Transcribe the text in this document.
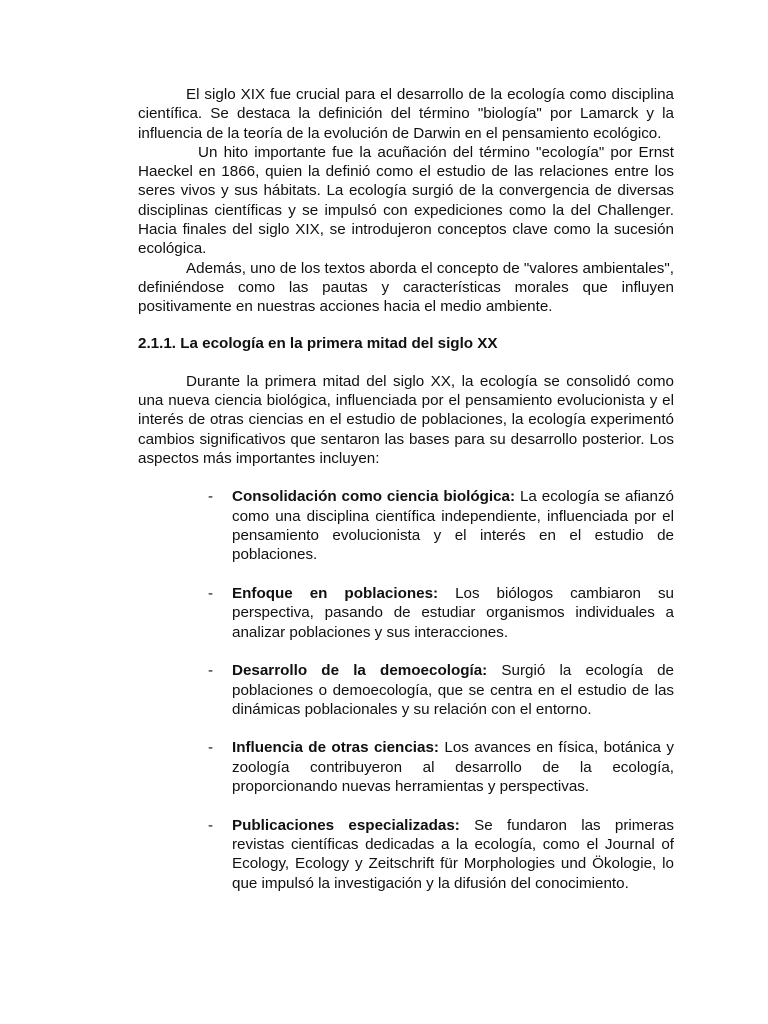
El siglo XIX fue crucial para el desarrollo de la ecología como disciplina científica. Se destaca la definición del término "biología" por Lamarck y la influencia de la teoría de la evolución de Darwin en el pensamiento ecológico.

Un hito importante fue la acuñación del término "ecología" por Ernst Haeckel en 1866, quien la definió como el estudio de las relaciones entre los seres vivos y sus hábitats. La ecología surgió de la convergencia de diversas disciplinas científicas y se impulsó con expediciones como la del Challenger. Hacia finales del siglo XIX, se introdujeron conceptos clave como la sucesión ecológica.

Además, uno de los textos aborda el concepto de "valores ambientales", definiéndose como las pautas y características morales que influyen positivamente en nuestras acciones hacia el medio ambiente.

2.1.1. La ecología en la primera mitad del siglo XX

Durante la primera mitad del siglo XX, la ecología se consolidó como una nueva ciencia biológica, influenciada por el pensamiento evolucionista y el interés de otras ciencias en el estudio de poblaciones, la ecología experimentó cambios significativos que sentaron las bases para su desarrollo posterior. Los aspectos más importantes incluyen:

- Consolidación como ciencia biológica: La ecología se afianzó como una disciplina científica independiente, influenciada por el pensamiento evolucionista y el interés en el estudio de poblaciones.
- Enfoque en poblaciones: Los biólogos cambiaron su perspectiva, pasando de estudiar organismos individuales a analizar poblaciones y sus interacciones.
- Desarrollo de la demoecología: Surgió la ecología de poblaciones o demoecología, que se centra en el estudio de las dinámicas poblacionales y su relación con el entorno.
- Influencia de otras ciencias: Los avances en física, botánica y zoología contribuyeron al desarrollo de la ecología, proporcionando nuevas herramientas y perspectivas.
- Publicaciones especializadas: Se fundaron las primeras revistas científicas dedicadas a la ecología, como el Journal of Ecology, Ecology y Zeitschrift für Morphologies und Ökologie, lo que impulsó la investigación y la difusión del conocimiento.
